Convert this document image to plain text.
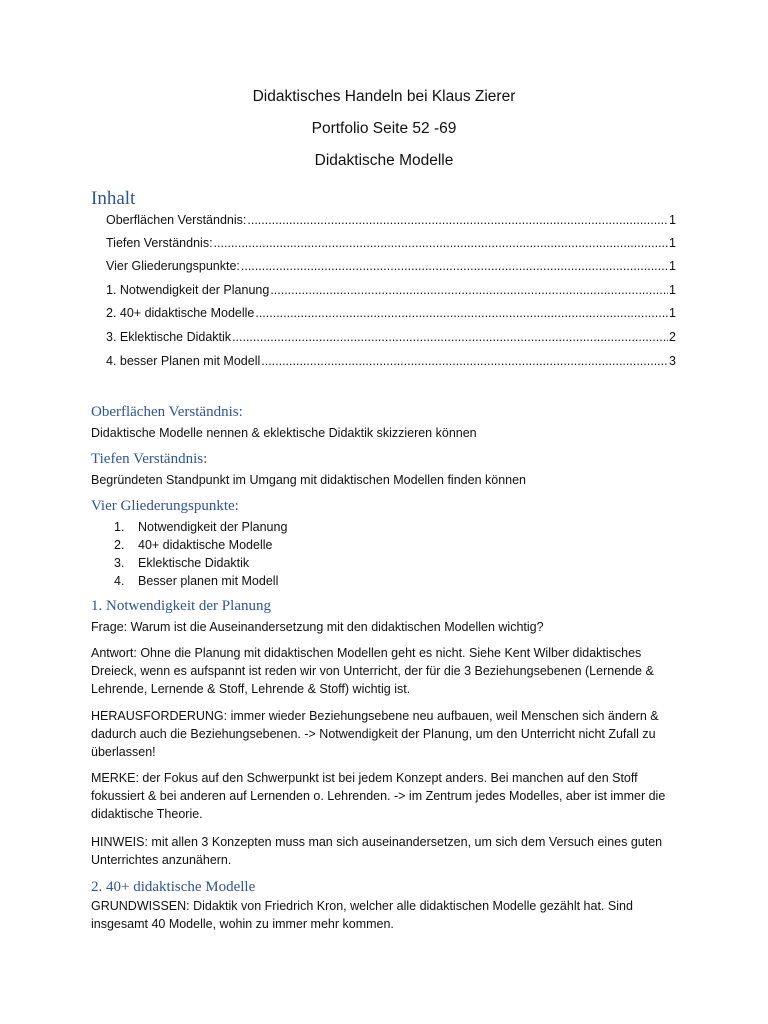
Didaktisches Handeln bei Klaus Zierer
Portfolio Seite 52 -69
Didaktische Modelle
Inhalt
Oberflächen Verständnis: .....	1
Tiefen Verständnis: .....	1
Vier Gliederungspunkte: .....	1
1. Notwendigkeit der Planung .....	1
2. 40+ didaktische Modelle .....	1
3. Eklektische Didaktik .....	2
4. besser Planen mit Modell .....	3
Oberflächen Verständnis:
Didaktische Modelle nennen & eklektische Didaktik skizzieren können
Tiefen Verständnis:
Begründeten Standpunkt im Umgang mit didaktischen Modellen finden können
Vier Gliederungspunkte:
1.	Notwendigkeit der Planung
2.	40+ didaktische Modelle
3.	Eklektische Didaktik
4.	Besser planen mit Modell
1. Notwendigkeit der Planung
Frage: Warum ist die Auseinandersetzung mit den didaktischen Modellen wichtig?
Antwort: Ohne die Planung mit didaktischen Modellen geht es nicht. Siehe Kent Wilber didaktisches Dreieck, wenn es aufspannt ist reden wir von Unterricht, der für die 3 Beziehungsebenen (Lernende & Lehrende, Lernende & Stoff, Lehrende & Stoff) wichtig ist.
HERAUSFORDERUNG: immer wieder Beziehungsebene neu aufbauen, weil Menschen sich ändern & dadurch auch die Beziehungsebenen. -> Notwendigkeit der Planung, um den Unterricht nicht Zufall zu überlassen!
MERKE: der Fokus auf den Schwerpunkt ist bei jedem Konzept anders. Bei manchen auf den Stoff fokussiert & bei anderen auf Lernenden o. Lehrenden. -> im Zentrum jedes Modelles, aber ist immer die didaktische Theorie.
HINWEIS: mit allen 3 Konzepten muss man sich auseinandersetzen, um sich dem Versuch eines guten Unterrichtes anzunähern.
2. 40+ didaktische Modelle
GRUNDWISSEN: Didaktik von Friedrich Kron, welcher alle didaktischen Modelle gezählt hat. Sind insgesamt 40 Modelle, wohin zu immer mehr kommen.
